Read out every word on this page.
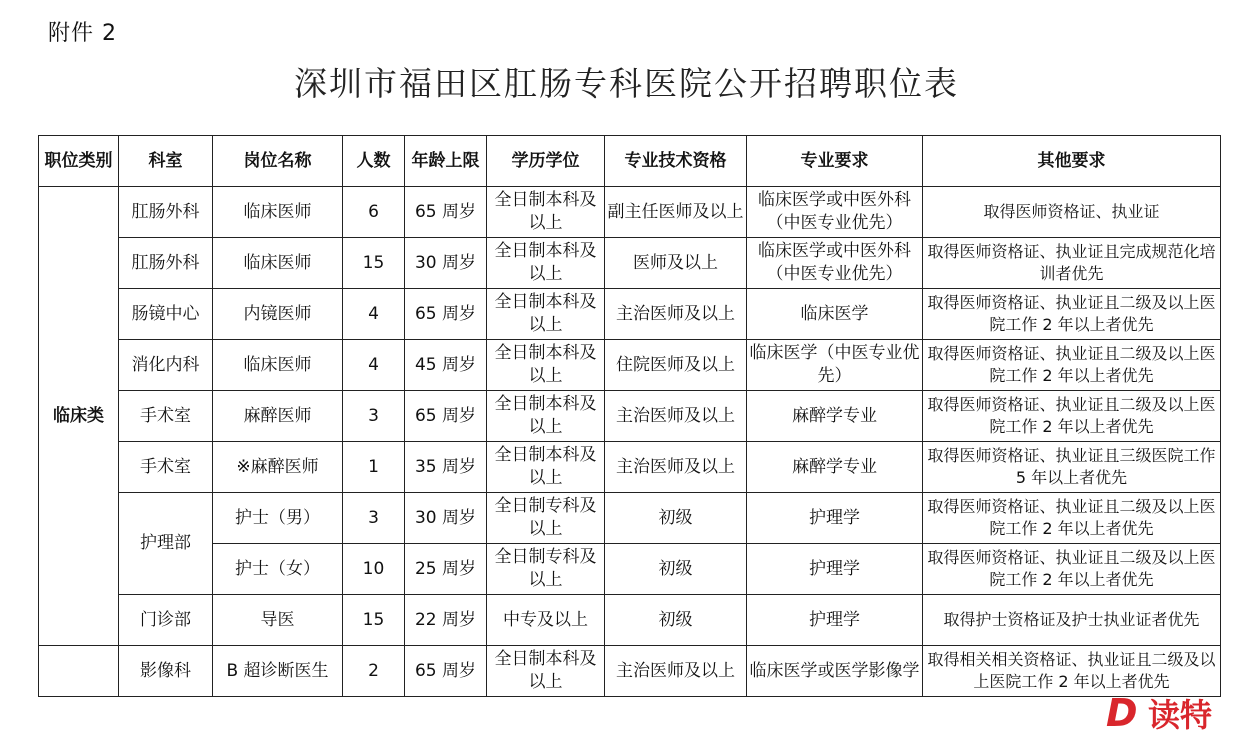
附件 2
深圳市福田区肛肠专科医院公开招聘职位表
职位类别	科室	岗位名称	人数	年龄上限	学历学位	专业技术资格	专业要求	其他要求
临床类	肛肠外科	临床医师	6	65 周岁	全日制本科及以上	副主任医师及以上	临床医学或中医外科（中医专业优先）	取得医师资格证、执业证
	肛肠外科	临床医师	15	30 周岁	全日制本科及以上	医师及以上	临床医学或中医外科（中医专业优先）	取得医师资格证、执业证且完成规范化培训者优先
	肠镜中心	内镜医师	4	65 周岁	全日制本科及以上	主治医师及以上	临床医学	取得医师资格证、执业证且二级及以上医院工作 2 年以上者优先
	消化内科	临床医师	4	45 周岁	全日制本科及以上	住院医师及以上	临床医学（中医专业优先）	取得医师资格证、执业证且二级及以上医院工作 2 年以上者优先
	手术室	麻醉医师	3	65 周岁	全日制本科及以上	主治医师及以上	麻醉学专业	取得医师资格证、执业证且二级及以上医院工作 2 年以上者优先
	手术室	※麻醉医师	1	35 周岁	全日制本科及以上	主治医师及以上	麻醉学专业	取得医师资格证、执业证且三级医院工作 5 年以上者优先
	护理部	护士（男）	3	30 周岁	全日制专科及以上	初级	护理学	取得医师资格证、执业证且二级及以上医院工作 2 年以上者优先
		护士（女）	10	25 周岁	全日制专科及以上	初级	护理学	取得医师资格证、执业证且二级及以上医院工作 2 年以上者优先
	门诊部	导医	15	22 周岁	中专及以上	初级	护理学	取得护士资格证及护士执业证者优先
	影像科	B 超诊断医生	2	65 周岁	全日制本科及以上	主治医师及以上	临床医学或医学影像学	取得相关相关资格证、执业证且二级及以上医院工作 2 年以上者优先
D 读特
